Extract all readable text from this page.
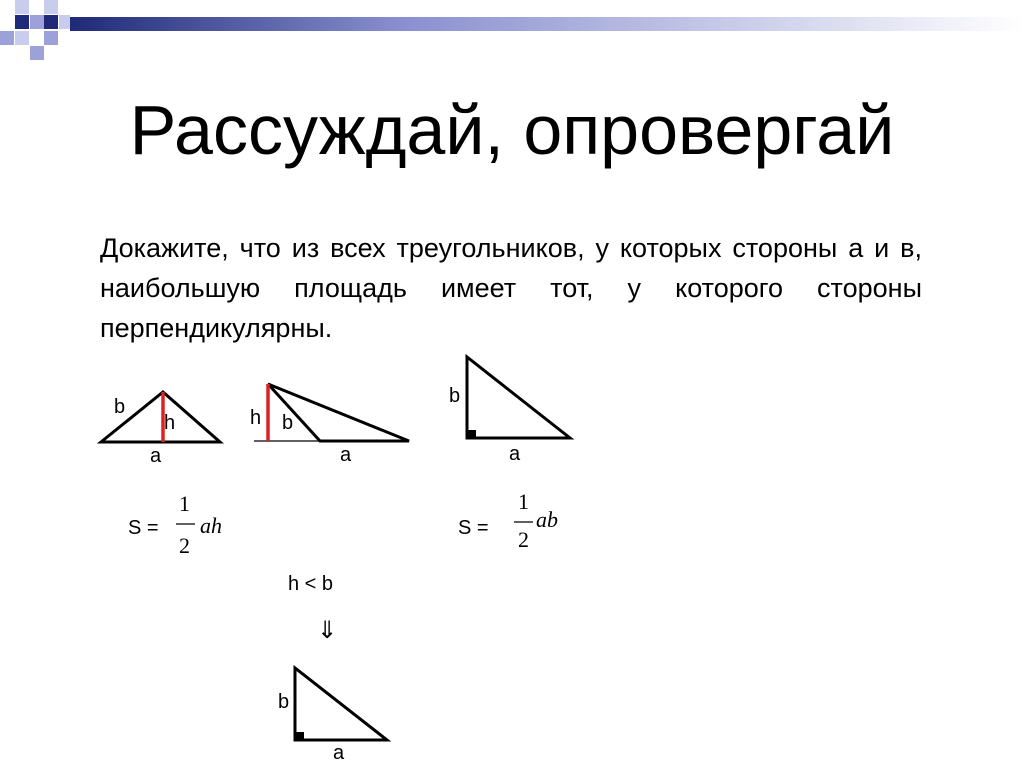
Рассуждай, опровергай

Докажите, что из всех треугольников, у которых стороны а и в, наибольшую площадь имеет тот, у которого стороны перпендикулярны.

b
h
a
h b
a
b
a
S =
1
2
ah	S =
1
2
ab
h < b
⇓
b
a
